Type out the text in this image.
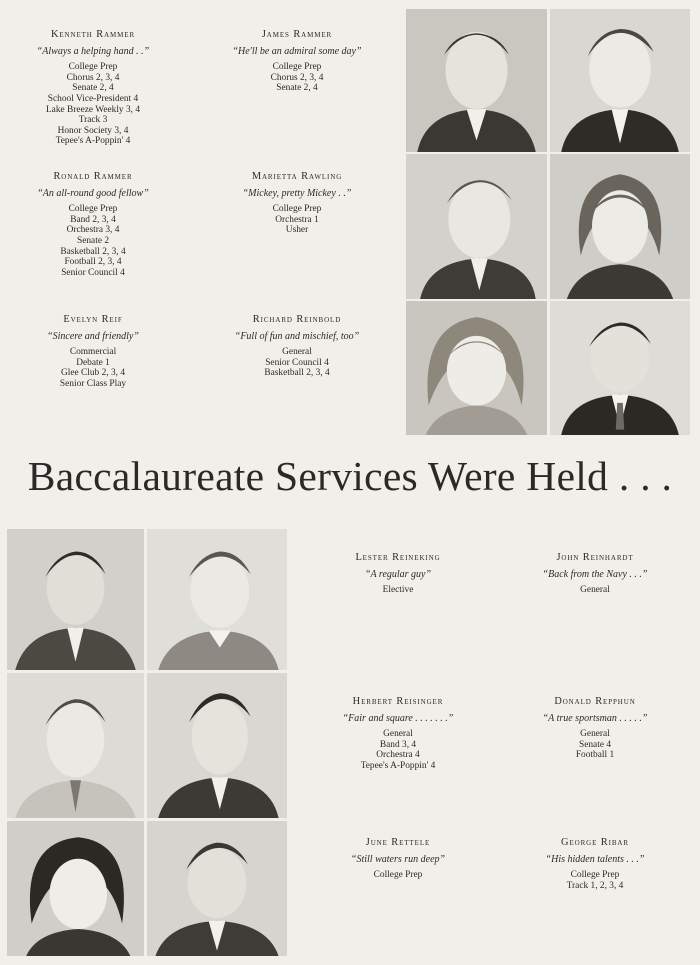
Kenneth Rammer
“Always a helping hand . .”
College Prep
Chorus 2, 3, 4
Senate 2, 4
School Vice-President 4
Lake Breeze Weekly 3, 4
Track 3
Honor Society 3, 4
Tepee's A-Poppin' 4
James Rammer
“He'll be an admiral some day”
College Prep
Chorus 2, 3, 4
Senate 2, 4
Ronald Rammer
“An all-round good fellow”
College Prep
Band 2, 3, 4
Orchestra 3, 4
Senate 2
Basketball 2, 3, 4
Football 2, 3, 4
Senior Council 4
Marietta Rawling
“Mickey, pretty Mickey . .”
College Prep
Orchestra 1
Usher
Evelyn Reif
“Sincere and friendly”
Commercial
Debate 1
Glee Club 2, 3, 4
Senior Class Play
Richard Reinbold
“Full of fun and mischief, too”
General
Senior Council 4
Basketball 2, 3, 4
Baccalaureate Services Were Held . . .
Lester Reineking
“A regular guy”
Elective
John Reinhardt
“Back from the Navy . . .”
General
Herbert Reisinger
“Fair and square . . . . . . .”
General
Band 3, 4
Orchestra 4
Tepee's A-Poppin' 4
Donald Repphun
“A true sportsman . . . . .”
General
Senate 4
Football 1
June Rettele
“Still waters run deep”
College Prep
George Ribar
“His hidden talents . . .”
College Prep
Track 1, 2, 3, 4
